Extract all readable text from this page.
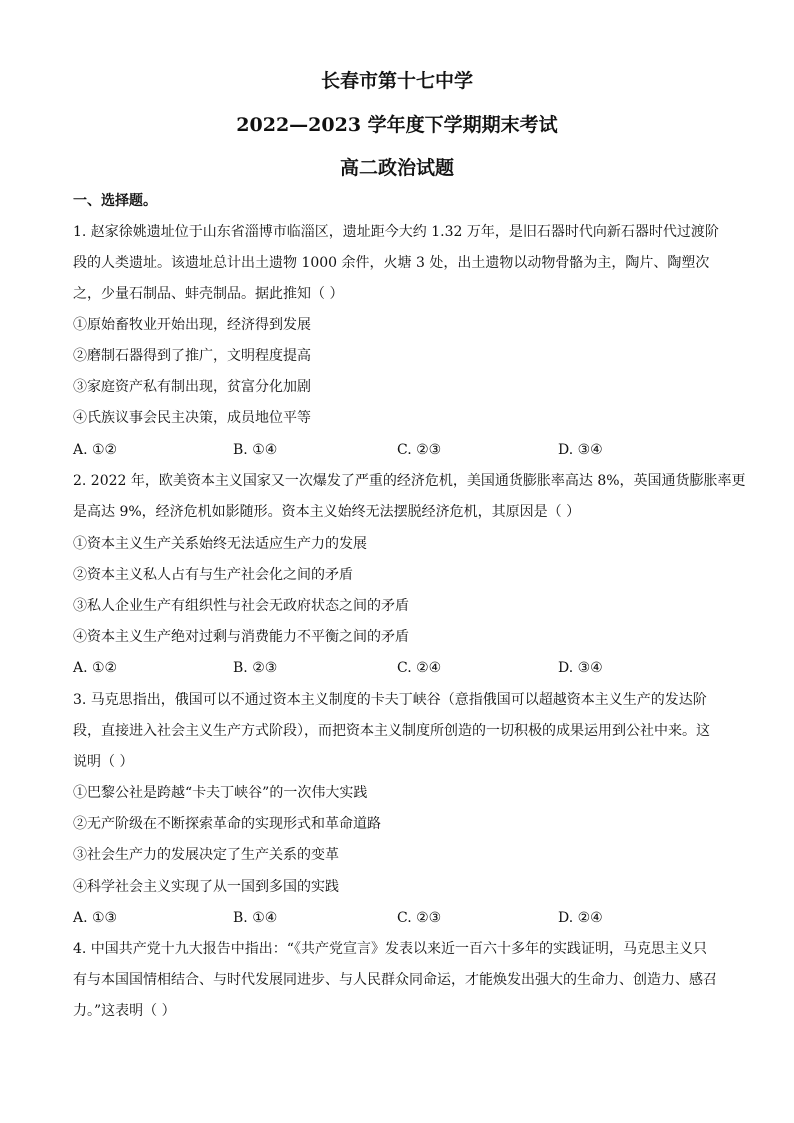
长春市第十七中学
2022—2023 学年度下学期期末考试
高二政治试题
一、选择题。
1. 赵家徐姚遗址位于山东省淄博市临淄区，遗址距今大约 1.32 万年，是旧石器时代向新石器时代过渡阶
段的人类遗址。该遗址总计出土遗物 1000 余件，火塘 3 处，出土遗物以动物骨骼为主，陶片、陶塑次
之，少量石制品、蚌壳制品。据此推知（ ）
①原始畜牧业开始出现，经济得到发展
②磨制石器得到了推广，文明程度提高
③家庭资产私有制出现，贫富分化加剧
④氏族议事会民主决策，成员地位平等
A. ①②	B. ①④	C. ②③	D. ③④
2. 2022 年，欧美资本主义国家又一次爆发了严重的经济危机，美国通货膨胀率高达 8%，英国通货膨胀率更
是高达 9%，经济危机如影随形。资本主义始终无法摆脱经济危机，其原因是（ ）
①资本主义生产关系始终无法适应生产力的发展
②资本主义私人占有与生产社会化之间的矛盾
③私人企业生产有组织性与社会无政府状态之间的矛盾
④资本主义生产绝对过剩与消费能力不平衡之间的矛盾
A. ①②	B. ②③	C. ②④	D. ③④
3. 马克思指出，俄国可以不通过资本主义制度的卡夫丁峡谷（意指俄国可以超越资本主义生产的发达阶
段，直接进入社会主义生产方式阶段），而把资本主义制度所创造的一切积极的成果运用到公社中来。这
说明（ ）
①巴黎公社是跨越“卡夫丁峡谷”的一次伟大实践
②无产阶级在不断探索革命的实现形式和革命道路
③社会生产力的发展决定了生产关系的变革
④科学社会主义实现了从一国到多国的实践
A. ①③	B. ①④	C. ②③	D. ②④
4. 中国共产党十九大报告中指出：“《共产党宣言》发表以来近一百六十多年的实践证明，马克思主义只
有与本国国情相结合、与时代发展同进步、与人民群众同命运，才能焕发出强大的生命力、创造力、感召
力。”这表明（ ）
